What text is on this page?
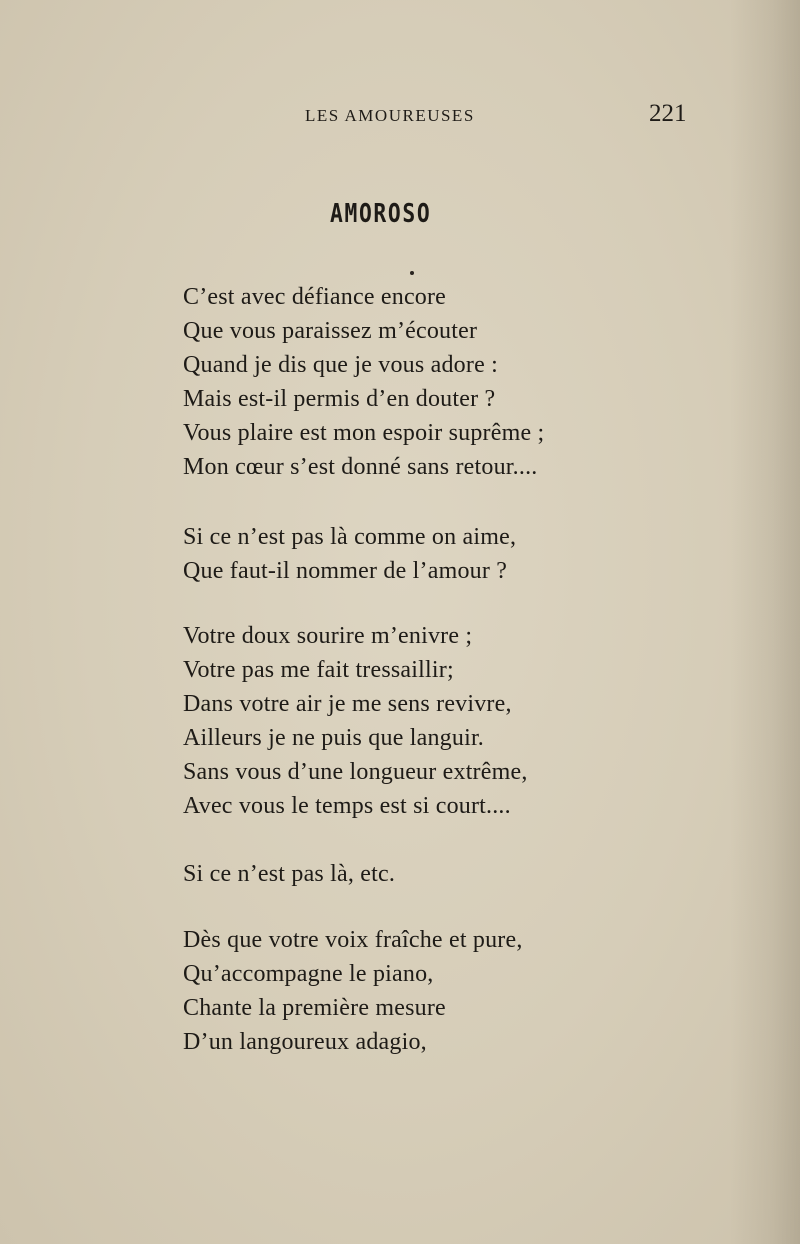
LES AMOUREUSES	221
AMOROSO
C’est avec défiance encore
Que vous paraissez m’écouter
Quand je dis que je vous adore :
Mais est-il permis d’en douter ?
Vous plaire est mon espoir suprême ;
Mon cœur s’est donné sans retour....
Si ce n’est pas là comme on aime,
Que faut-il nommer de l’amour ?
Votre doux sourire m’enivre ;
Votre pas me fait tressaillir;
Dans votre air je me sens revivre,
Ailleurs je ne puis que languir.
Sans vous d’une longueur extrême,
Avec vous le temps est si court....
Si ce n’est pas là, etc.
Dès que votre voix fraîche et pure,
Qu’accompagne le piano,
Chante la première mesure
D’un langoureux adagio,
